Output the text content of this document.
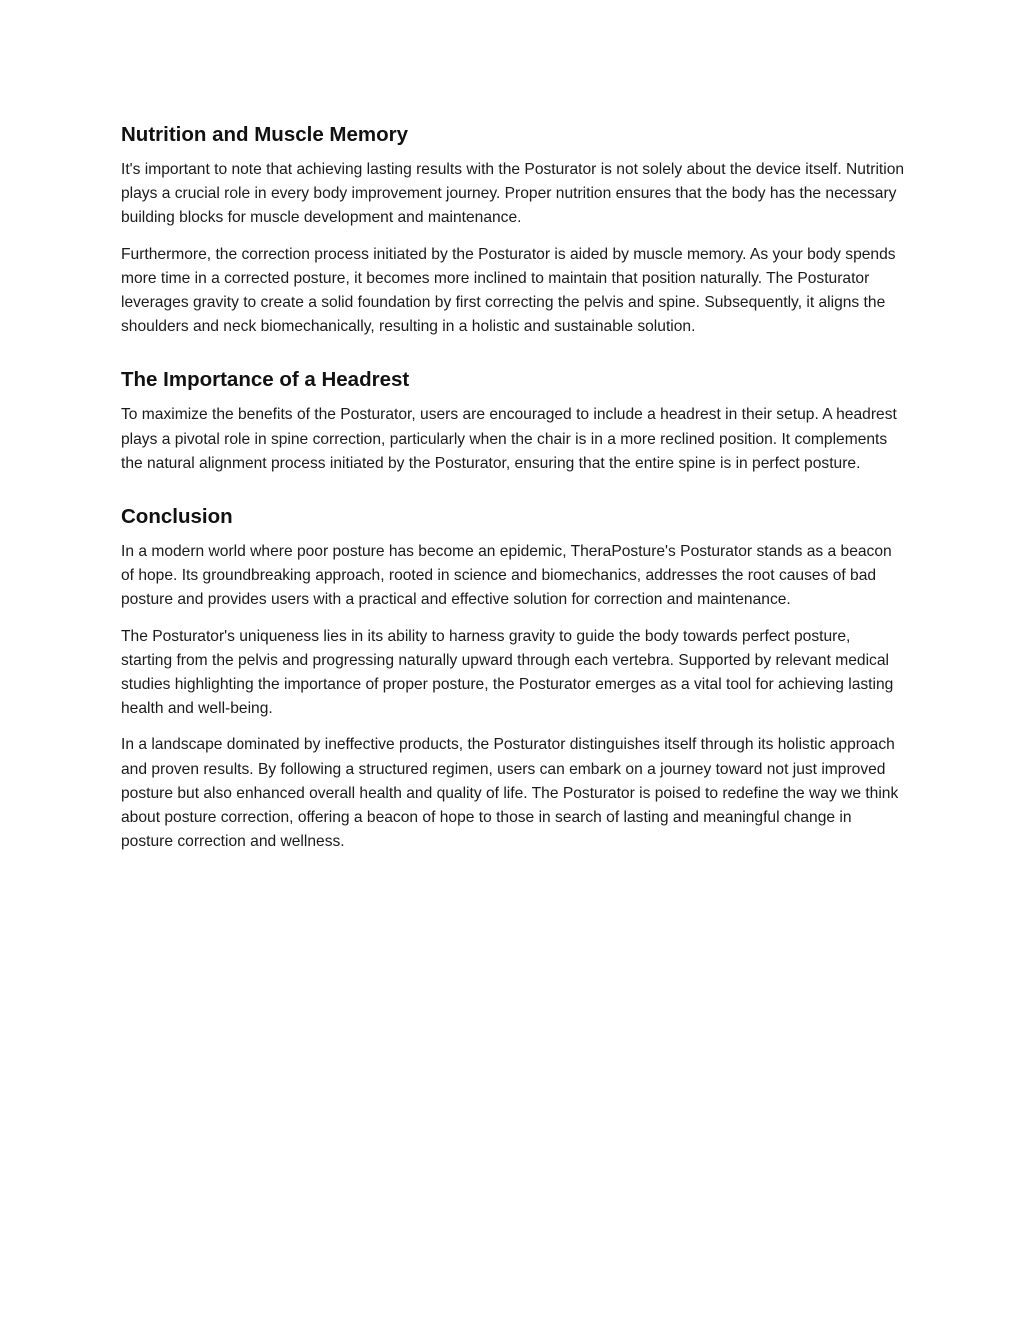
Nutrition and Muscle Memory

It's important to note that achieving lasting results with the Posturator is not solely about the device itself. Nutrition plays a crucial role in every body improvement journey. Proper nutrition ensures that the body has the necessary building blocks for muscle development and maintenance.

Furthermore, the correction process initiated by the Posturator is aided by muscle memory. As your body spends more time in a corrected posture, it becomes more inclined to maintain that position naturally. The Posturator leverages gravity to create a solid foundation by first correcting the pelvis and spine. Subsequently, it aligns the shoulders and neck biomechanically, resulting in a holistic and sustainable solution.

The Importance of a Headrest

To maximize the benefits of the Posturator, users are encouraged to include a headrest in their setup. A headrest plays a pivotal role in spine correction, particularly when the chair is in a more reclined position. It complements the natural alignment process initiated by the Posturator, ensuring that the entire spine is in perfect posture.

Conclusion

In a modern world where poor posture has become an epidemic, TheraPosture's Posturator stands as a beacon of hope. Its groundbreaking approach, rooted in science and biomechanics, addresses the root causes of bad posture and provides users with a practical and effective solution for correction and maintenance.

The Posturator's uniqueness lies in its ability to harness gravity to guide the body towards perfect posture, starting from the pelvis and progressing naturally upward through each vertebra. Supported by relevant medical studies highlighting the importance of proper posture, the Posturator emerges as a vital tool for achieving lasting health and well-being.

In a landscape dominated by ineffective products, the Posturator distinguishes itself through its holistic approach and proven results. By following a structured regimen, users can embark on a journey toward not just improved posture but also enhanced overall health and quality of life. The Posturator is poised to redefine the way we think about posture correction, offering a beacon of hope to those in search of lasting and meaningful change in posture correction and wellness.
